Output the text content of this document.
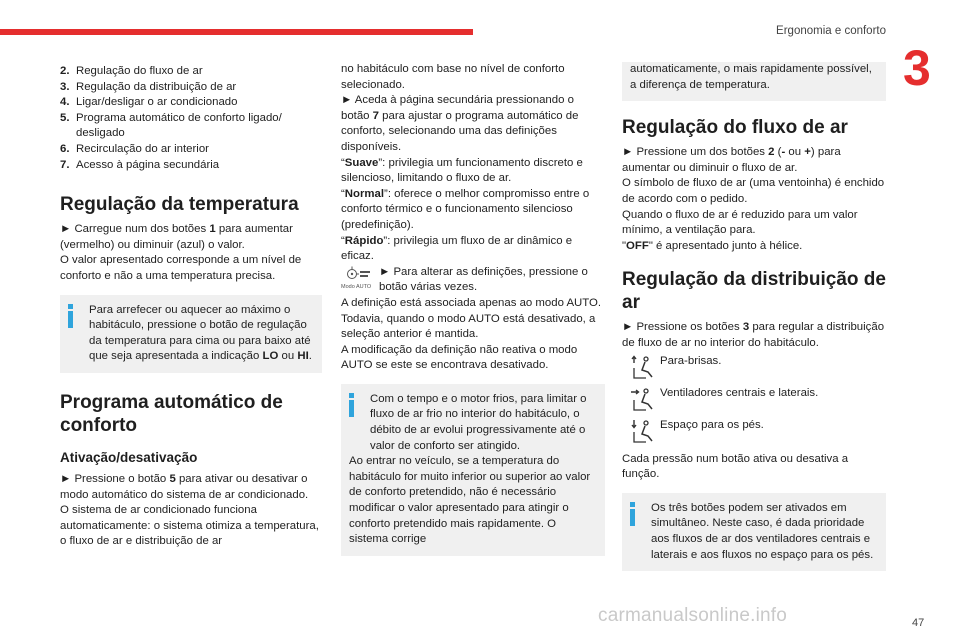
Ergonomia e conforto
3
2. Regulação do fluxo de ar
3. Regulação da distribuição de ar
4. Ligar/desligar o ar condicionado
5. Programa automático de conforto ligado/ desligado
6. Recirculação do ar interior
7. Acesso à página secundária
Regulação da temperatura

► Carregue num dos botões 1 para aumentar (vermelho) ou diminuir (azul) o valor.

O valor apresentado corresponde a um nível de conforto e não a uma temperatura precisa.

Para arrefecer ou aquecer ao máximo o habitáculo, pressione o botão de regulação da temperatura para cima ou para baixo até que seja apresentada a indicação LO ou HI.

Programa automático de conforto
Ativação/desativação

► Pressione o botão 5 para ativar ou desativar o modo automático do sistema de ar condicionado.

O sistema de ar condicionado funciona automaticamente: o sistema otimiza a temperatura, o fluxo de ar e distribuição de ar

no habitáculo com base no nível de conforto selecionado.

► Aceda à página secundária pressionando o botão 7 para ajustar o programa automático de conforto, selecionando uma das definições disponíveis.

“Suave”: privilegia um funcionamento discreto e silencioso, limitando o fluxo de ar.

“Normal”: oferece o melhor compromisso entre o conforto térmico e o funcionamento silencioso (predefinição).

“Rápido”: privilegia um fluxo de ar dinâmico e eficaz.

Modo AUTO

► Para alterar as definições, pressione o botão várias vezes.

A definição está associada apenas ao modo AUTO. Todavia, quando o modo AUTO está desativado, a seleção anterior é mantida.

A modificação da definição não reativa o modo AUTO se este se encontrava desativado.

Com o tempo e o motor frios, para limitar o fluxo de ar frio no interior do habitáculo, o débito de ar evolui progressivamente até o valor de conforto ser atingido.

Ao entrar no veículo, se a temperatura do habitáculo for muito inferior ou superior ao valor de conforto pretendido, não é necessário modificar o valor apresentado para atingir o conforto pretendido mais rapidamente. O sistema corrige

automaticamente, o mais rapidamente possível, a diferença de temperatura.

Regulação do fluxo de ar

► Pressione um dos botões 2 (- ou +) para aumentar ou diminuir o fluxo de ar.

O símbolo de fluxo de ar (uma ventoinha) é enchido de acordo com o pedido.

Quando o fluxo de ar é reduzido para um valor mínimo, a ventilação para.

"OFF" é apresentado junto à hélice.

Regulação da distribuição de ar

► Pressione os botões 3 para regular a distribuição de fluxo de ar no interior do habitáculo.

Para-brisas.
Ventiladores centrais e laterais.
Espaço para os pés.

Cada pressão num botão ativa ou desativa a função.

Os três botões podem ser ativados em simultâneo. Neste caso, é dada prioridade aos fluxos de ar dos ventiladores centrais e laterais e aos fluxos no espaço para os pés.

carmanualsonline.info	47
